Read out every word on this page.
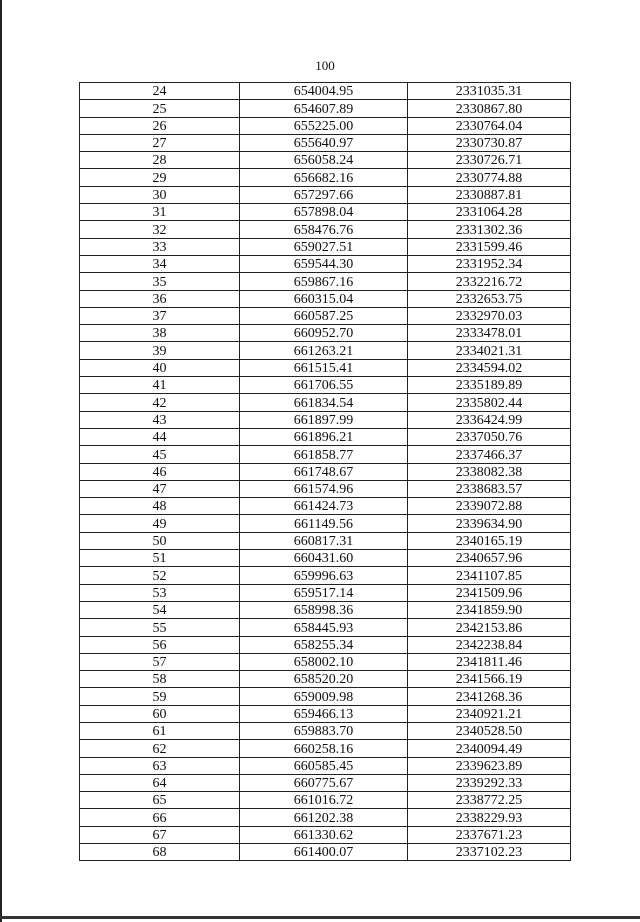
100
24	654004.95	2331035.31
25	654607.89	2330867.80
26	655225.00	2330764.04
27	655640.97	2330730.87
28	656058.24	2330726.71
29	656682.16	2330774.88
30	657297.66	2330887.81
31	657898.04	2331064.28
32	658476.76	2331302.36
33	659027.51	2331599.46
34	659544.30	2331952.34
35	659867.16	2332216.72
36	660315.04	2332653.75
37	660587.25	2332970.03
38	660952.70	2333478.01
39	661263.21	2334021.31
40	661515.41	2334594.02
41	661706.55	2335189.89
42	661834.54	2335802.44
43	661897.99	2336424.99
44	661896.21	2337050.76
45	661858.77	2337466.37
46	661748.67	2338082.38
47	661574.96	2338683.57
48	661424.73	2339072.88
49	661149.56	2339634.90
50	660817.31	2340165.19
51	660431.60	2340657.96
52	659996.63	2341107.85
53	659517.14	2341509.96
54	658998.36	2341859.90
55	658445.93	2342153.86
56	658255.34	2342238.84
57	658002.10	2341811.46
58	658520.20	2341566.19
59	659009.98	2341268.36
60	659466.13	2340921.21
61	659883.70	2340528.50
62	660258.16	2340094.49
63	660585.45	2339623.89
64	660775.67	2339292.33
65	661016.72	2338772.25
66	661202.38	2338229.93
67	661330.62	2337671.23
68	661400.07	2337102.23
